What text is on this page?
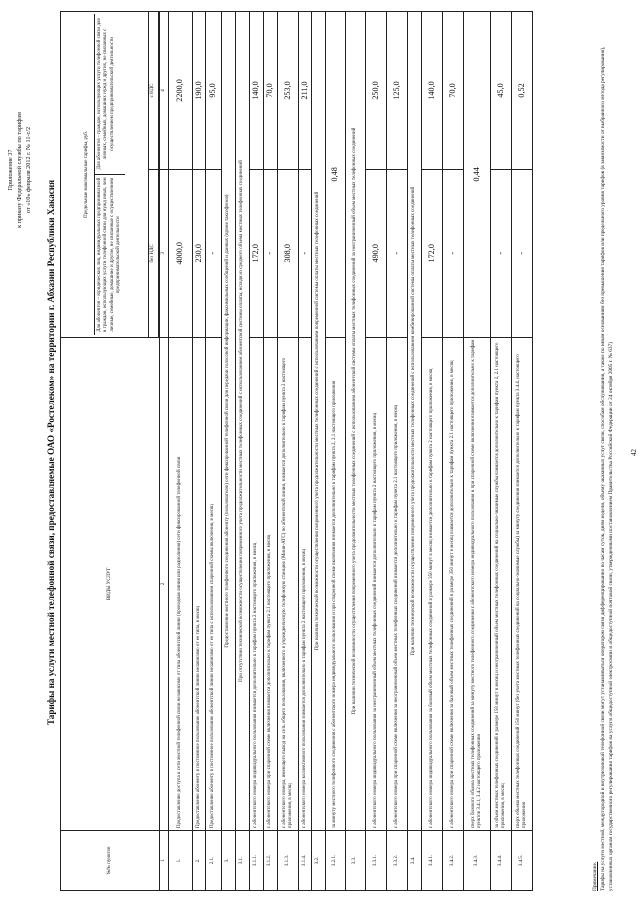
Приложение 37 к приказу Федеральной службы по тарифам от «10» февраля 2012 г. № 11-с/2

Тарифы на услуги местной телефонной связи, предоставляемые ОАО «Ростелеком» на территории г. Абхазии Республики Хакасия

№№ пунктов	ВИДЫ УСЛУГ	Предельные максимальные тарифы, руб.
Для абонентов – юридических лиц, индивидуальных предпринимателей и граждан, использующих услуги телефонной связи для нужд иных, чем личные, семейные, домашние и другие, не связанные с осуществлением предпринимательской деятельности
Для абонентов - граждан, использующих услуги телефонной связи для личных, семейных, домашних нужд и других, не связанных с осуществлением предпринимательской деятельности	

		без НДС	с НДС

1	2	3	4
1.	Предоставление доступа к сети местной телефонной связи независимо от типа абонентской линии (проводная линия или радиолиния) сети фиксированной телефонной связи	4000,0	2200,0
2.	Предоставление абоненту в постоянное пользование абонентской линии независимо от ее типа, в месяц	230,0	190,0
2.1.	Предоставление абоненту в постоянное пользование абонентской линии независимо от ее типа с использованием спаренной схемы включения, в месяц	-	95,0
3.	Предоставление местного телефонного соединения абоненту (пользователю) сети фиксированной телефонной связи для передачи голосовой информации, факсимильных сообщений и данных (кроме таксофонов)		
3.1.	При отсутствии технической возможности осуществления повременного учета продолжительности местных телефонных соединений с использованием абонентской системы оплаты, исходя из среднего объема местных телефонных соединений		
3.1.1.	с абонентского номера индивидуального пользования взимается дополнительно к тарифам пункта 2 настоящего приложения, в месяц	172,0	140,0
3.1.2.	с абонентского номера при спаренной схеме включения взимается дополнительно к тарифам пункта 2.1 настоящего приложения, в месяц	-	70,0
3.1.3.	с абонентского номера, имеющего выход на сеть общего пользования, включенного в учрежденческую телефонную станцию (Мини-АТС) по абонентской линии, взимается дополнительно к тарифам пункта 2 настоящего приложения, в месяц	308,0	253,0
3.1.4.	с абонентского номера коллективного пользования взимается дополнительно к тарифам пункта 2 настоящего приложения, в месяц	-	211,0
3.2.	При наличии технической возможности осуществления повременного учета продолжительности местных телефонных соединений с использованием повременной системы оплаты местных телефонных соединений		
3.2.1.	за минуту местного телефонного соединения с абонентского номера индивидуального пользования и при спаренной схеме включения взимается дополнительно к тарифам пункта 2, 2.1 настоящего приложения	0,48	
3.3.	При наличии технической возможности осуществления повременного учета продолжительности местных телефонных соединений с использованием абонентской системы оплаты местных телефонных соединений за неограниченный объем местных телефонных соединений		
3.3.1.	с абонентского номера индивидуального пользования за неограниченный объем местных телефонных соединений взимается дополнительно к тарифам пункта 2 настоящего приложения, в месяц	490,0	250,0
3.3.2.	с абонентского номера при спаренной схеме включения за неограниченный объем местных телефонных соединений взимается дополнительно к тарифам пункта 2.1 настоящего приложения, в месяц	-	125,0
3.4.	При наличии технической возможности осуществления повременного учета продолжительности местных телефонных соединений с использованием комбинированной системы оплаты местных телефонных соединений		
3.4.1.	с абонентского номера индивидуального пользования за базовый объем местных телефонных соединений в размере 350 минут в месяц взимается дополнительно к тарифам пункта 2 настоящего приложения, в месяц	172,0	140,0
3.4.2.	с абонентского номера при спаренной схеме включения за базовый объем местных телефонных соединений в размере 350 минут в месяц взимается дополнительно к тарифам пункта 2.1 настоящего приложения, в месяц	-	70,0
3.4.3.	сверх базового объема местных телефонных соединений за минуту местного телефонного соединения с абонентского номера индивидуального пользования и при спаренной схеме включения взимается дополнительно к тарифам пунктов 3.4.1, 3.4.2 настоящего приложения	0,44	
3.4.4.	за объем местных телефонных соединений в размере 150 минут в месяц и неограниченный объем местных телефонных соединений на социально-значимые службы взимается дополнительно к тарифам пункта 2, 2.1 настоящего приложения, в месяц	-	45,0
3.4.5.	сверх объема местных телефонных соединений 150 минут (без учета местных телефонных соединений на социально-значимые службы) за минуту соединения взимается дополнительно к тарифам пункта 3.4.4. настоящего приложения	-	0,52

Примечание. Тарифы на услуги местной, междугородной и внутризоновой телефонной связи могут устанавливаться оператором связи дифференцированно по часам суток, дням недели, объему оказанных услуг связи, способам обслуживания, а также по иным основаниям без превышения тарифов или предельного уровня тарифов (в зависимости от выбранного метода регулирования), установленных органом государственного регулирования тарифов на услуги общедоступной электросвязи и общедоступной почтовой связи, утвержденными постановлением Правительства Российской Федерации от 24 октября 2005 г. № 637) 42
